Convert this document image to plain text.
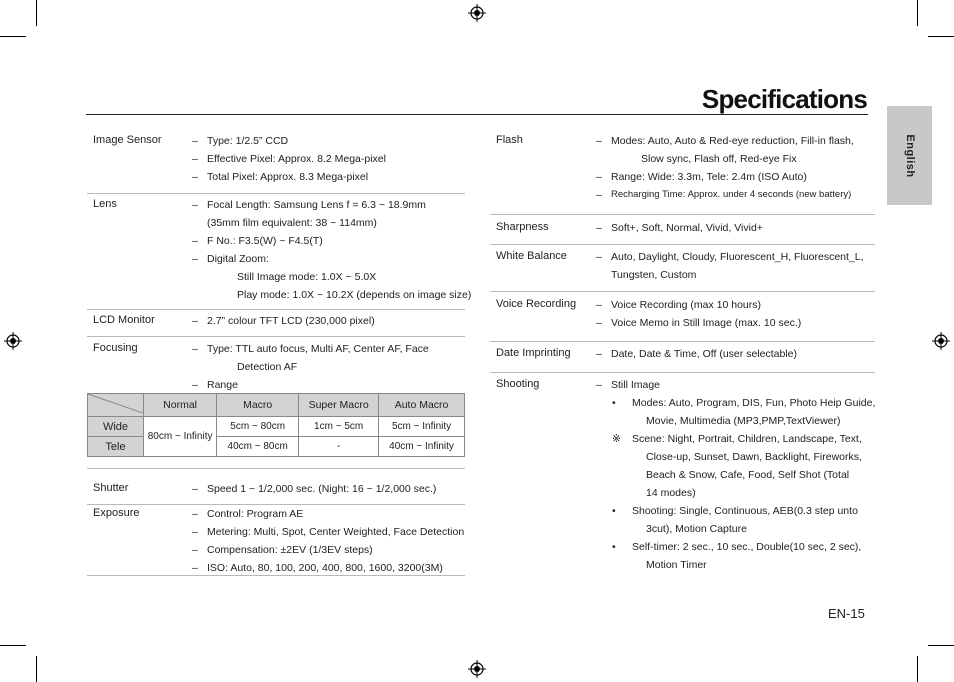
Specifications
English
Image Sensor	– Type: 1/2.5” CCD
– Effective Pixel: Approx. 8.2 Mega-pixel
– Total Pixel: Approx. 8.3 Mega-pixel
Lens	– Focal Length: Samsung Lens f = 6.3 ~ 18.9mm
(35mm film equivalent: 38 ~ 114mm)
– F No.: F3.5(W) ~ F4.5(T)
– Digital Zoom:
Still Image mode: 1.0X ~ 5.0X
Play mode: 1.0X ~ 10.2X (depends on image size)
LCD Monitor	– 2.7” colour TFT LCD (230,000 pixel)
Focusing	– Type: TTL auto focus, Multi AF, Center AF, Face
Detection AF
– Range
	Normal	Macro	Super Macro	Auto Macro
Wide	80cm ~ Infinity	5cm ~ 80cm	1cm ~ 5cm	5cm ~ Infinity
Tele		40cm ~ 80cm	-	40cm ~ Infinity
Shutter	– Speed 1 ~ 1/2,000 sec. (Night: 16 ~ 1/2,000 sec.)
Exposure	– Control: Program AE
– Metering: Multi, Spot, Center Weighted, Face Detection
– Compensation: ±2EV (1/3EV steps)
– ISO: Auto, 80, 100, 200, 400, 800, 1600, 3200(3M)
Flash	– Modes: Auto, Auto & Red-eye reduction, Fill-in flash,
Slow sync, Flash off, Red-eye Fix
– Range: Wide: 3.3m, Tele: 2.4m (ISO Auto)
– Recharging Time: Approx. under 4 seconds (new battery)
Sharpness	– Soft+, Soft, Normal, Vivid, Vivid+
White Balance	– Auto, Daylight, Cloudy, Fluorescent_H, Fluorescent_L,
Tungsten, Custom
Voice Recording – Voice Recording (max 10 hours)
– Voice Memo in Still Image (max. 10 sec.)
Date Imprinting – Date, Date & Time, Off (user selectable)
Shooting	– Still Image
•	Modes: Auto, Program, DIS, Fun, Photo Heip Guide,
Movie, Multimedia (MP3,PMP,TextViewer)
※	Scene: Night, Portrait, Children, Landscape, Text,
Close-up, Sunset, Dawn, Backlight, Fireworks,
Beach & Snow, Cafe, Food, Self Shot (Total
14 modes)
•	Shooting: Single, Continuous, AEB(0.3 step unto
3cut), Motion Capture
•	Self-timer: 2 sec., 10 sec., Double(10 sec, 2 sec),
Motion Timer
EN-15
